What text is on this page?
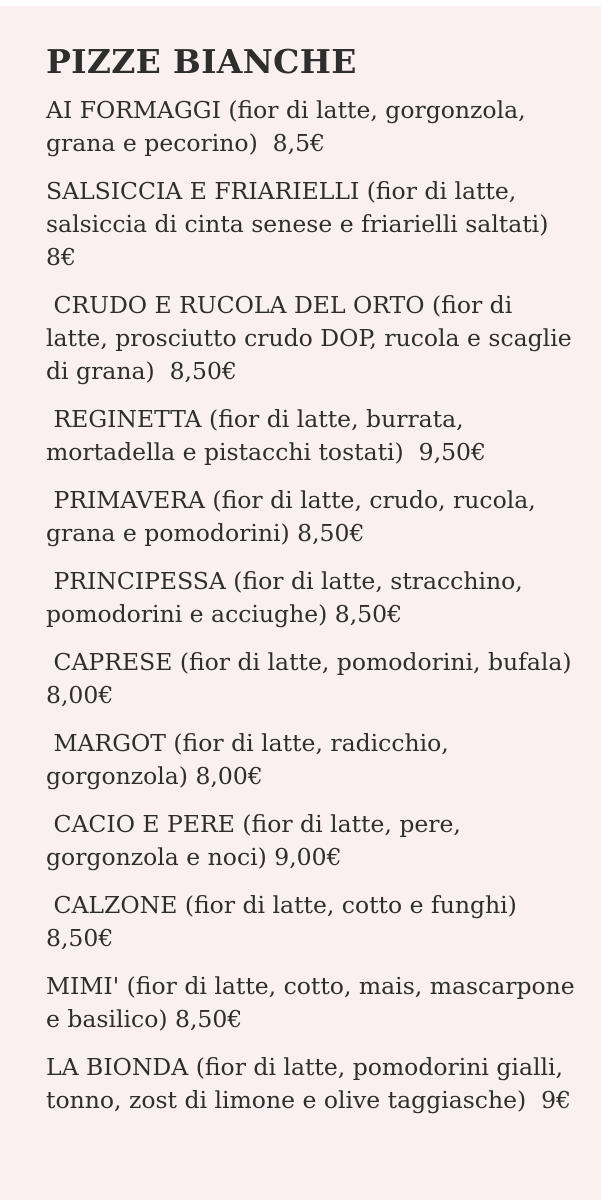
PIZZE BIANCHE
AI FORMAGGI (fior di latte, gorgonzola, grana e pecorino)  8,5€
SALSICCIA E FRIARIELLI (fior di latte, salsiccia di cinta senese e friarielli saltati)  8€
CRUDO E RUCOLA DEL ORTO (fior di latte, prosciutto crudo DOP, rucola e scaglie di grana)  8,50€
REGINETTA (fior di latte, burrata, mortadella e pistacchi tostati)  9,50€
PRIMAVERA (fior di latte, crudo, rucola, grana e pomodorini) 8,50€
PRINCIPESSA (fior di latte, stracchino, pomodorini e acciughe) 8,50€
CAPRESE (fior di latte, pomodorini, bufala) 8,00€
MARGOT (fior di latte, radicchio, gorgonzola) 8,00€
CACIO E PERE (fior di latte, pere, gorgonzola e noci) 9,00€
CALZONE (fior di latte, cotto e funghi) 8,50€
MIMI' (fior di latte, cotto, mais, mascarpone e basilico) 8,50€
LA BIONDA (fior di latte, pomodorini gialli, tonno, zost di limone e olive taggiasche)  9€
